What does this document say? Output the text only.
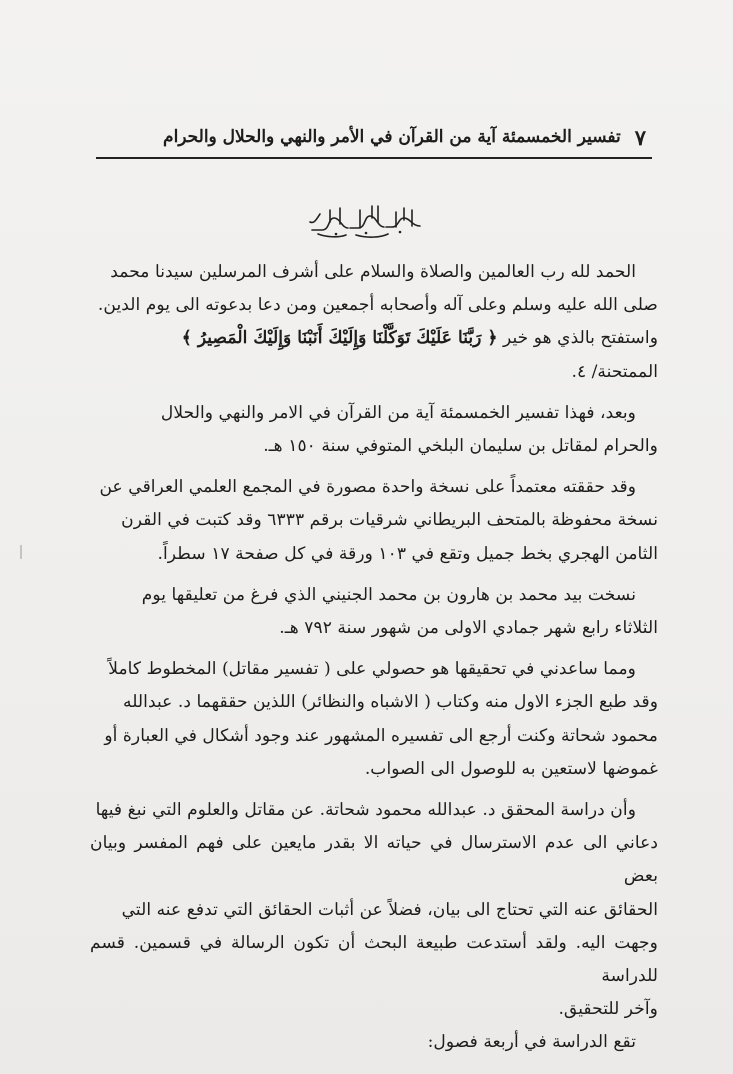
٧
تفسير الخمسمئة آية من القرآن في الأمر والنهي والحلال والحرام

الحمد لله رب العالمين والصلاة والسلام على أشرف المرسلين سيدنا محمد

صلى الله عليه وسلم وعلى آله وأصحابه أجمعين ومن دعا بدعوته الى يوم الدين.

واستفتح بالذي هو خير ﴿ رَبَّنَا عَلَيْكَ تَوَكَّلْنَا وَإِلَيْكَ أَنَبْنَا وَإِلَيْكَ الْمَصِيرُ ﴾

الممتحنة/ ٤.

وبعد، فهذا تفسير الخمسمئة آية من القرآن في الامر والنهي والحلال

والحرام لمقاتل بن سليمان البلخي المتوفي سنة ١٥٠ هـ.

وقد حققته معتمداً على نسخة واحدة مصورة في المجمع العلمي العراقي عن

نسخة محفوظة بالمتحف البريطاني شرقيات برقم ٦٣٣٣ وقد كتبت في القرن

الثامن الهجري بخط جميل وتقع في ١٠٣ ورقة في كل صفحة ١٧ سطراً.

نسخت بيد محمد بن هارون بن محمد الجنيني الذي فرغ من تعليقها يوم

الثلاثاء رابع شهر جمادي الاولى من شهور سنة ٧٩٢ هـ.

ومما ساعدني في تحقيقها هو حصولي على ( تفسير مقاتل) المخطوط كاملاً

وقد طبع الجزء الاول منه وكتاب ( الاشباه والنظائر) اللذين حققهما د. عبدالله

محمود شحاتة وكنت أرجع الى تفسيره المشهور عند وجود أشكال في العبارة أو

غموضها لاستعين به للوصول الى الصواب.

وأن دراسة المحقق د. عبدالله محمود شحاتة. عن مقاتل والعلوم التي نبغ فيها

دعاني الى عدم الاسترسال في حياته الا بقدر مايعين على فهم المفسر وبيان بعض

الحقائق عنه التي تحتاج الى بيان، فضلاً عن أثبات الحقائق التي تدفع عنه التي

وجهت اليه. ولقد أستدعت طبيعة البحث أن تكون الرسالة في قسمين. قسم للدراسة

وآخر للتحقيق.

تقع الدراسة في أربعة فصول:
